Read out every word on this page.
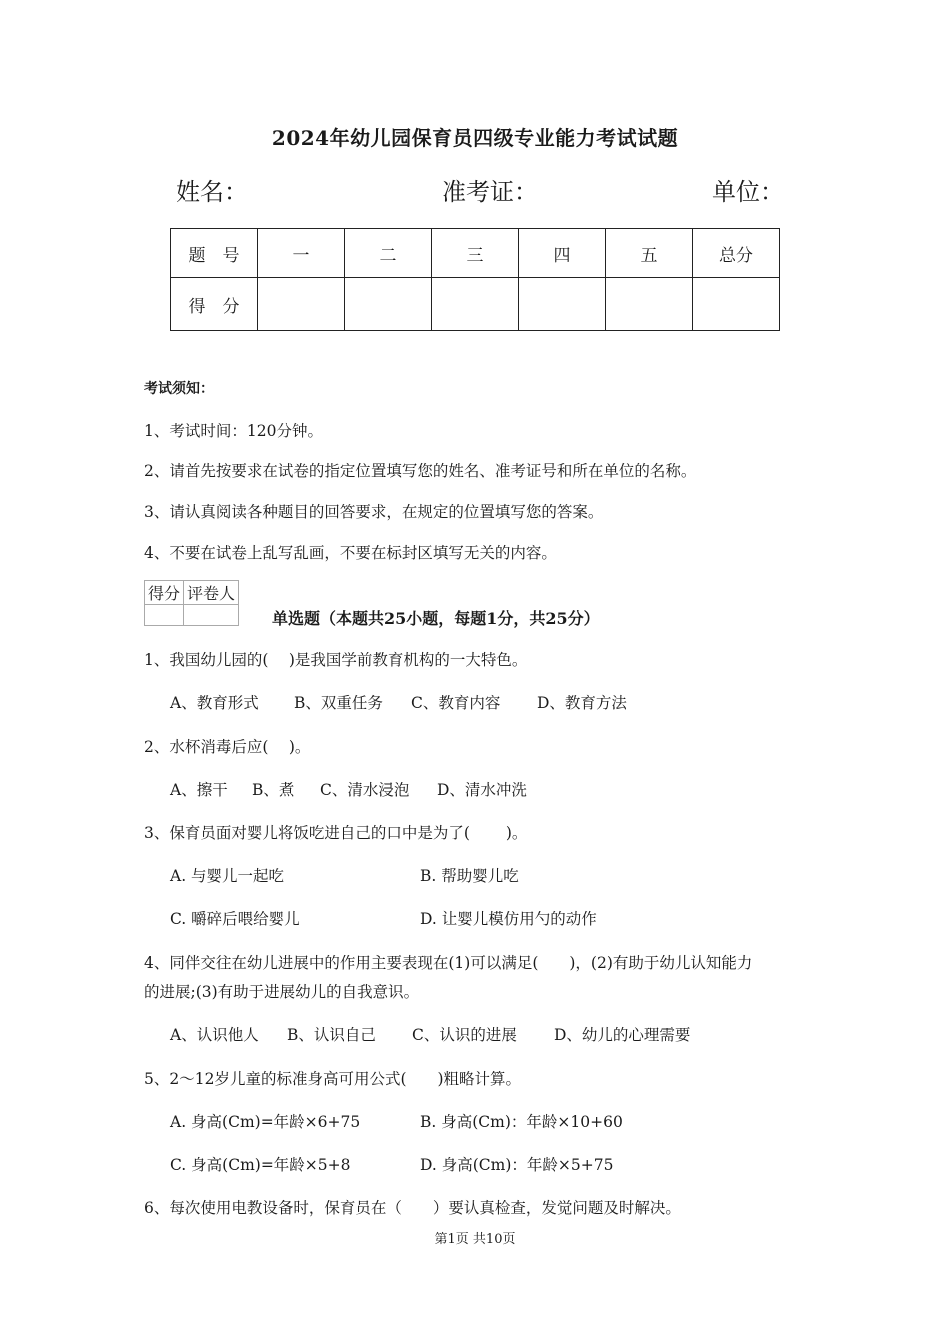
2024年幼儿园保育员四级专业能力考试试题
姓名：	准考证：	单位：
题　号	一	二	三	四	五	总分
得　分						
考试须知：
1、考试时间：120分钟。
2、请首先按要求在试卷的指定位置填写您的姓名、准考证号和所在单位的名称。
3、请认真阅读各种题目的回答要求，在规定的位置填写您的答案。
4、不要在试卷上乱写乱画，不要在标封区填写无关的内容。
得分	评卷人

单选题（本题共25小题，每题1分，共25分）
1、我国幼儿园的(　 )是我国学前教育机构的一大特色。
A、教育形式 B、双重任务 C、教育内容 D、教育方法
2、水杯消毒后应(　 )。
A、擦干 B、煮 C、清水浸泡 D、清水冲洗
3、保育员面对婴儿将饭吃进自己的口中是为了(　　 )。
A. 与婴儿一起吃	B. 帮助婴儿吃
C. 嚼碎后喂给婴儿	D. 让婴儿模仿用勺的动作
4、同伴交往在幼儿进展中的作用主要表现在(1)可以满足(　　)，(2)有助于幼儿认知能力
的进展;(3)有助于进展幼儿的自我意识。
A、认识他人 B、认识自己 C、认识的进展 D、幼儿的心理需要
5、2～12岁儿童的标准身高可用公式(　　)粗略计算。
A. 身高(Cm)=年龄×6+75	B. 身高(Cm)：年龄×10+60
C. 身高(Cm)=年龄×5+8	D. 身高(Cm)：年龄×5+75
6、每次使用电教设备时，保育员在（　　）要认真检查，发觉问题及时解决。
第1页 共10页
